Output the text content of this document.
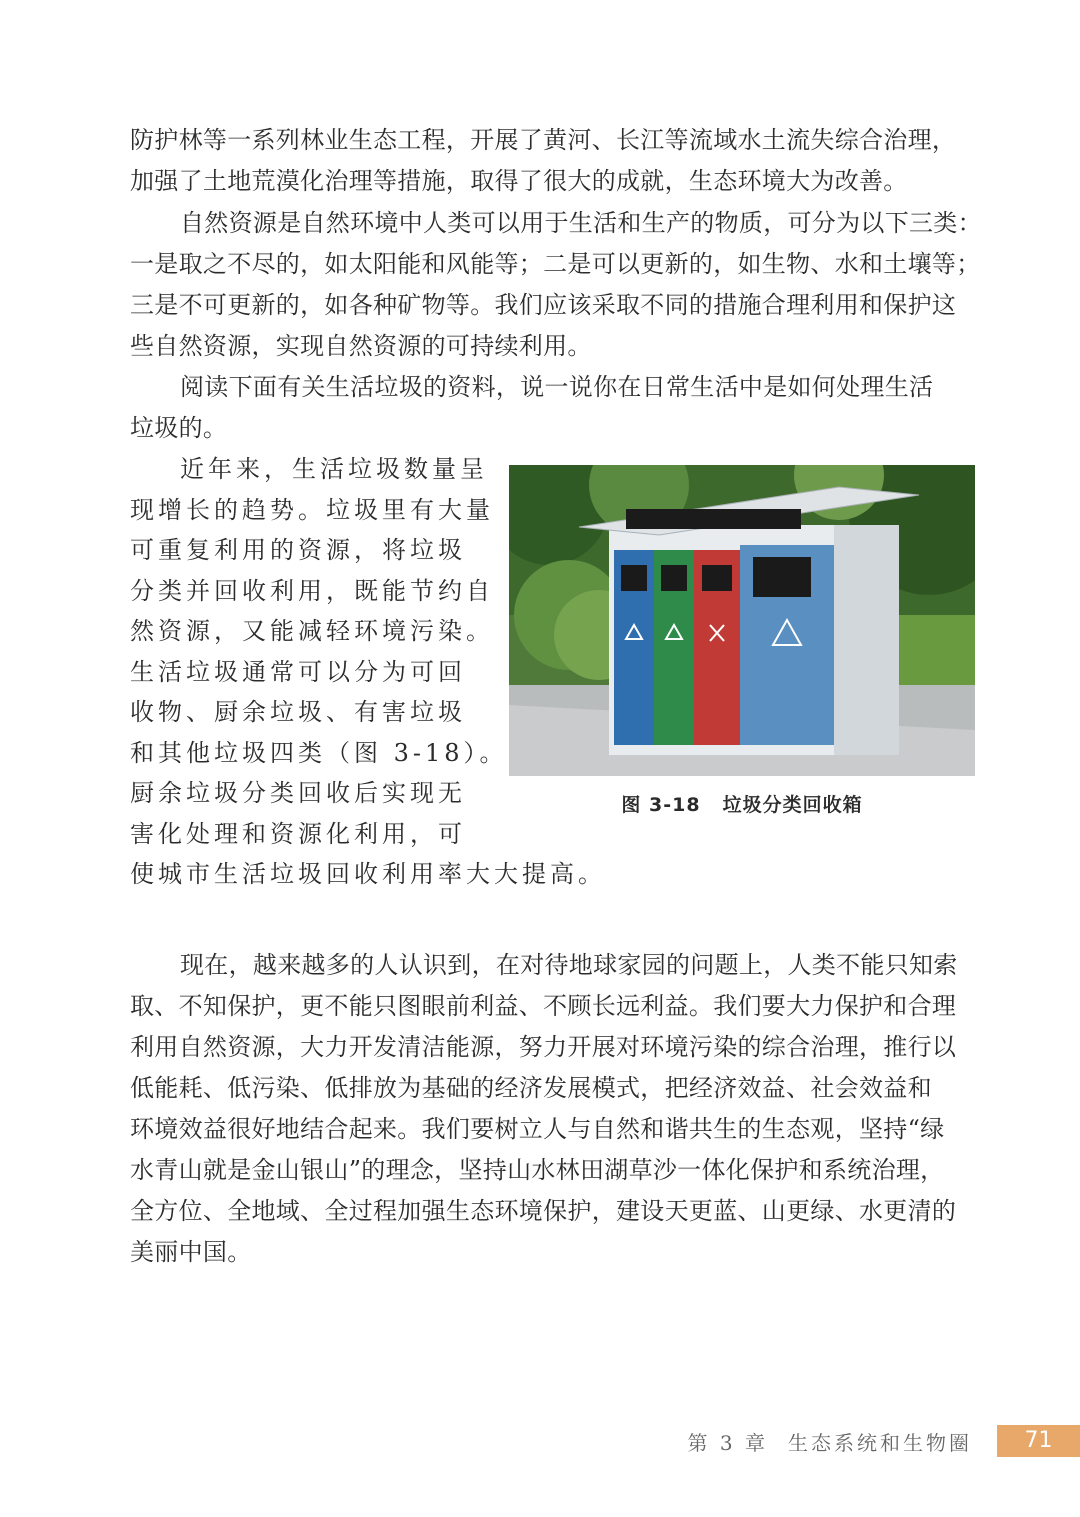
防护林等一系列林业生态工程，开展了黄河、长江等流域水土流失综合治理，
加强了土地荒漠化治理等措施，取得了很大的成就，生态环境大为改善。
自然资源是自然环境中人类可以用于生活和生产的物质，可分为以下三类：
一是取之不尽的，如太阳能和风能等；二是可以更新的，如生物、水和土壤等；
三是不可更新的，如各种矿物等。我们应该采取不同的措施合理利用和保护这
些自然资源，实现自然资源的可持续利用。
阅读下面有关生活垃圾的资料，说一说你在日常生活中是如何处理生活
垃圾的。
近年来，生活垃圾数量呈
现增长的趋势。垃圾里有大量
可重复利用的资源，将垃圾
分类并回收利用，既能节约自
然资源，又能减轻环境污染。
生活垃圾通常可以分为可回
收物、厨余垃圾、有害垃圾
和其他垃圾四类（图 3-18）。
厨余垃圾分类回收后实现无
害化处理和资源化利用，可
使城市生活垃圾回收利用率大大提高。
图 3-18 垃圾分类回收箱
现在，越来越多的人认识到，在对待地球家园的问题上，人类不能只知索
取、不知保护，更不能只图眼前利益、不顾长远利益。我们要大力保护和合理
利用自然资源，大力开发清洁能源，努力开展对环境污染的综合治理，推行以
低能耗、低污染、低排放为基础的经济发展模式，把经济效益、社会效益和
环境效益很好地结合起来。我们要树立人与自然和谐共生的生态观，坚持“绿
水青山就是金山银山”的理念，坚持山水林田湖草沙一体化保护和系统治理，
全方位、全地域、全过程加强生态环境保护，建设天更蓝、山更绿、水更清的
美丽中国。
第 3 章 生态系统和生物圈	71
